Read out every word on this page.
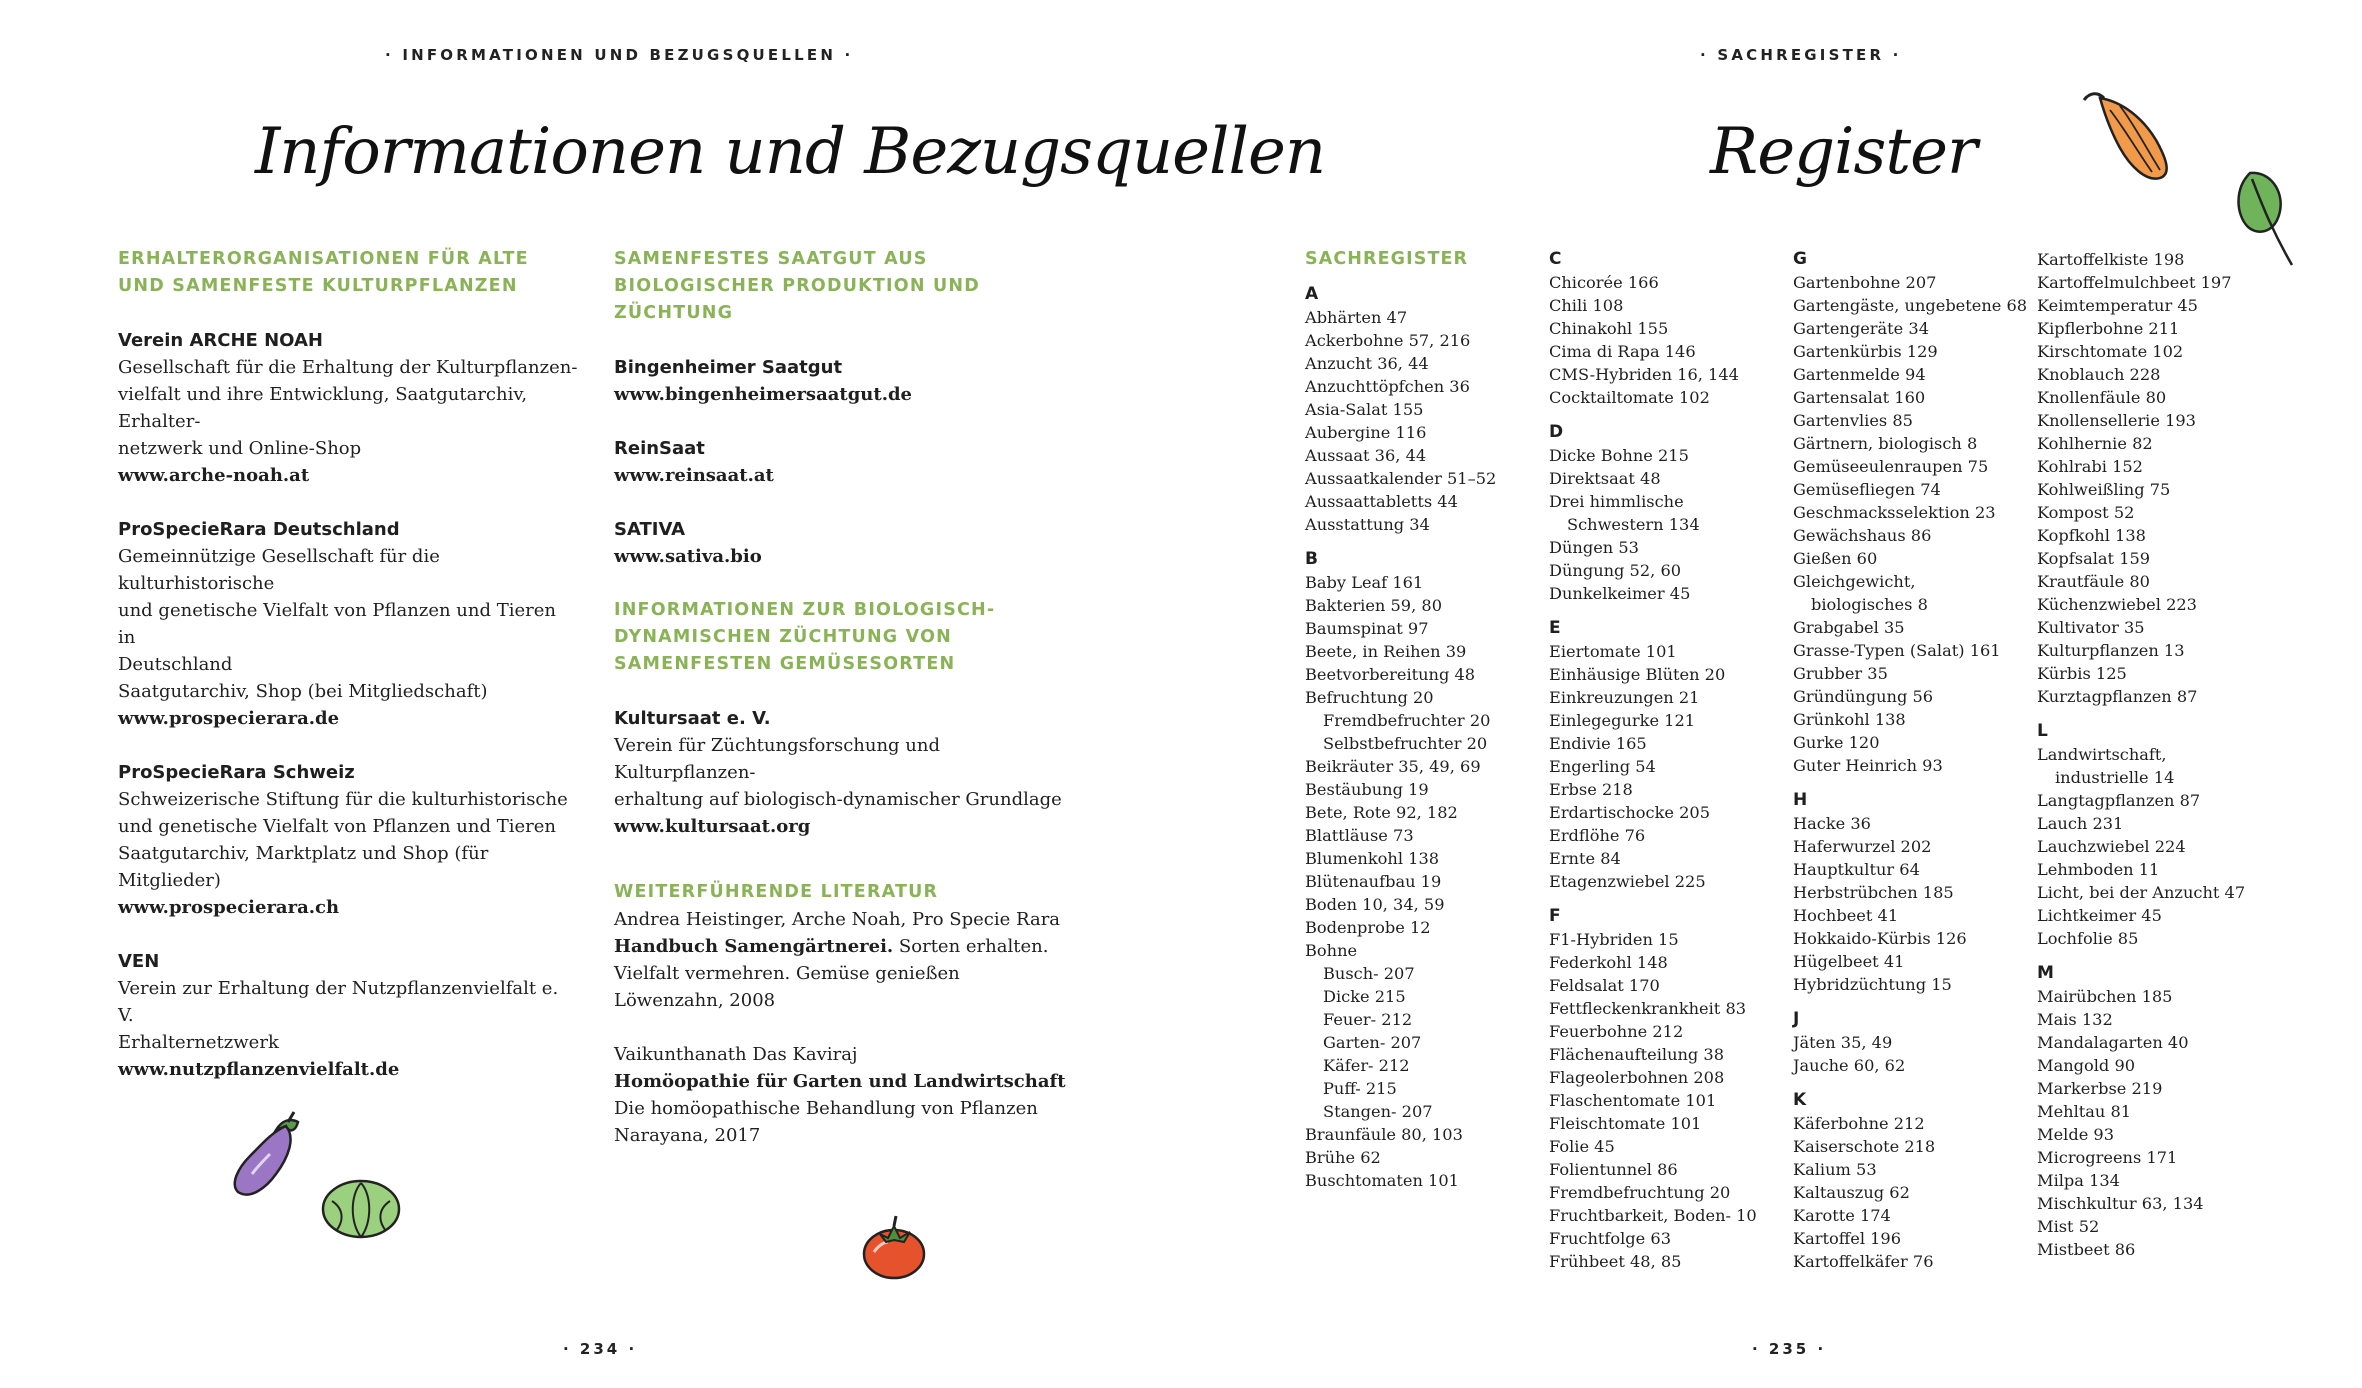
· INFORMATIONEN UND BEZUGSQUELLEN ·
Informationen und Bezugsquellen
ERHALTERORGANISATIONEN FÜR ALTE UND SAMENFESTE KULTURPFLANZEN

Verein ARCHE NOAH

Gesellschaft für die Erhaltung der Kulturpflanzen-
vielfalt und ihre Entwicklung, Saatgutarchiv, Erhalter-
netzwerk und Online-Shop

www.arche-noah.at

ProSpecieRara Deutschland

Gemeinnützige Gesellschaft für die kulturhistorische
und genetische Vielfalt von Pflanzen und Tieren in
Deutschland
Saatgutarchiv, Shop (bei Mitgliedschaft)

www.prospecierara.de

ProSpecieRara Schweiz

Schweizerische Stiftung für die kulturhistorische
und genetische Vielfalt von Pflanzen und Tieren
Saatgutarchiv, Marktplatz und Shop (für Mitglieder)

www.prospecierara.ch

VEN

Verein zur Erhaltung der Nutzpflanzenvielfalt e. V.
Erhalternetzwerk

www.nutzpflanzenvielfalt.de

SAMENFESTES SAATGUT AUS BIOLOGISCHER PRODUKTION UND ZÜCHTUNG

Bingenheimer Saatgut

www.bingenheimersaatgut.de

ReinSaat

www.reinsaat.at

SATIVA

www.sativa.bio

INFORMATIONEN ZUR BIOLOGISCH-DYNAMISCHEN ZÜCHTUNG VON SAMENFESTEN GEMÜSESORTEN

Kultursaat e. V.

Verein für Züchtungsforschung und Kulturpflanzen-
erhaltung auf biologisch-dynamischer Grundlage

www.kultursaat.org

WEITERFÜHRENDE LITERATUR

Andrea Heistinger, Arche Noah, Pro Specie Rara

Handbuch Samengärtnerei. Sorten erhalten. Vielfalt vermehren. Gemüse genießen

Löwenzahn, 2008

Vaikunthanath Das Kaviraj

Homöopathie für Garten und Landwirtschaft

Die homöopathische Behandlung von Pflanzen

Narayana, 2017

· 234 ·
· SACHREGISTER ·
Register
SACHREGISTER
A
Abhärten 47
Ackerbohne 57, 216
Anzucht 36, 44
Anzuchttöpfchen 36
Asia-Salat 155
Aubergine 116
Aussaat 36, 44
Aussaatkalender 51–52
Aussaattabletts 44
Ausstattung 34
B
Baby Leaf 161
Bakterien 59, 80
Baumspinat 97
Beete, in Reihen 39
Beetvorbereitung 48
Befruchtung 20
Fremdbefruchter 20
Selbstbefruchter 20
Beikräuter 35, 49, 69
Bestäubung 19
Bete, Rote 92, 182
Blattläuse 73
Blumenkohl 138
Blütenaufbau 19
Boden 10, 34, 59
Bodenprobe 12
Bohne
Busch- 207
Dicke 215
Feuer- 212
Garten- 207
Käfer- 212
Puff- 215
Stangen- 207
Braunfäule 80, 103
Brühe 62
Buschtomaten 101
C
Chicorée 166
Chili 108
Chinakohl 155
Cima di Rapa 146
CMS-Hybriden 16, 144
Cocktailtomate 102
D
Dicke Bohne 215
Direktsaat 48
Drei himmlische
Schwestern 134
Düngen 53
Düngung 52, 60
Dunkelkeimer 45
E
Eiertomate 101
Einhäusige Blüten 20
Einkreuzungen 21
Einlegegurke 121
Endivie 165
Engerling 54
Erbse 218
Erdartischocke 205
Erdflöhe 76
Ernte 84
Etagenzwiebel 225
F
F1-Hybriden 15
Federkohl 148
Feldsalat 170
Fettfleckenkrankheit 83
Feuerbohne 212
Flächenaufteilung 38
Flageolerbohnen 208
Flaschentomate 101
Fleischtomate 101
Folie 45
Folientunnel 86
Fremdbefruchtung 20
Fruchtbarkeit, Boden- 10
Fruchtfolge 63
Frühbeet 48, 85
G
Gartenbohne 207
Gartengäste, ungebetene 68
Gartengeräte 34
Gartenkürbis 129
Gartenmelde 94
Gartensalat 160
Gartenvlies 85
Gärtnern, biologisch 8
Gemüseeulenraupen 75
Gemüsefliegen 74
Geschmacksselektion 23
Gewächshaus 86
Gießen 60
Gleichgewicht,
biologisches 8
Grabgabel 35
Grasse-Typen (Salat) 161
Grubber 35
Gründüngung 56
Grünkohl 138
Gurke 120
Guter Heinrich 93
H
Hacke 36
Haferwurzel 202
Hauptkultur 64
Herbstrübchen 185
Hochbeet 41
Hokkaido-Kürbis 126
Hügelbeet 41
Hybridzüchtung 15
J
Jäten 35, 49
Jauche 60, 62
K
Käferbohne 212
Kaiserschote 218
Kalium 53
Kaltauszug 62
Karotte 174
Kartoffel 196
Kartoffelkäfer 76
Kartoffelkiste 198
Kartoffelmulchbeet 197
Keimtemperatur 45
Kipflerbohne 211
Kirschtomate 102
Knoblauch 228
Knollenfäule 80
Knollensellerie 193
Kohlhernie 82
Kohlrabi 152
Kohlweißling 75
Kompost 52
Kopfkohl 138
Kopfsalat 159
Krautfäule 80
Küchenzwiebel 223
Kultivator 35
Kulturpflanzen 13
Kürbis 125
Kurztagpflanzen 87
L
Landwirtschaft,
industrielle 14
Langtagpflanzen 87
Lauch 231
Lauchzwiebel 224
Lehmboden 11
Licht, bei der Anzucht 47
Lichtkeimer 45
Lochfolie 85
M
Mairübchen 185
Mais 132
Mandalagarten 40
Mangold 90
Markerbse 219
Mehltau 81
Melde 93
Microgreens 171
Milpa 134
Mischkultur 63, 134
Mist 52
Mistbeet 86
· 235 ·
